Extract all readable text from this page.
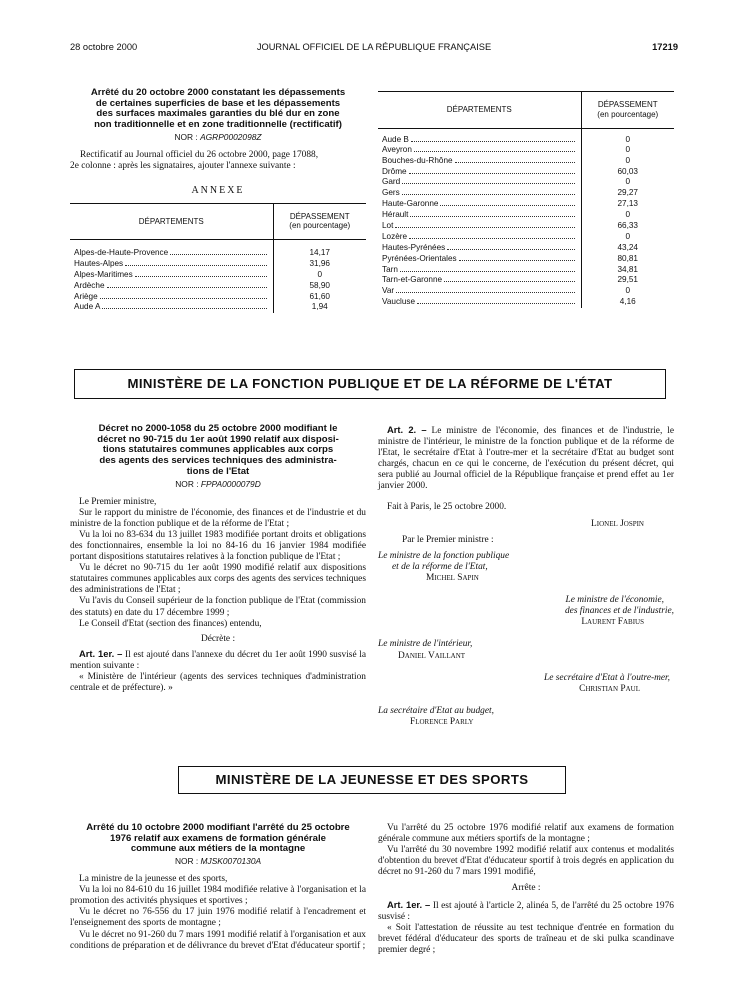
28 octobre 2000	JOURNAL OFFICIEL DE LA RÉPUBLIQUE FRANÇAISE	17219
Arrêté du 20 octobre 2000 constatant les dépassements
de certaines superficies de base et les dépassements
des surfaces maximales garanties du blé dur en zone
non traditionnelle et en zone traditionnelle (rectificatif)
NOR : AGRP0002098Z
Rectificatif au Journal officiel du 26 octobre 2000, page 17088,
2e colonne : après les signataires, ajouter l'annexe suivante :
ANNEXE
DÉPARTEMENTS	DÉPASSEMENT
(en pourcentage)

Alpes-de-Haute-Provence	14,17

Hautes-Alpes	31,96

Alpes-Maritimes	0

Ardèche	58,90

Ariège	61,60

Aude A	1,94
DÉPARTEMENTS	DÉPASSEMENT
(en pourcentage)

Aude B	0

Aveyron	0

Bouches-du-Rhône	0

Drôme	60,03

Gard	0

Gers	29,27

Haute-Garonne	27,13

Hérault	0

Lot	66,33

Lozère	0

Hautes-Pyrénées	43,24

Pyrénées-Orientales	80,81

Tarn	34,81

Tarn-et-Garonne	29,51

Var	0

Vaucluse	4,16
MINISTÈRE DE LA FONCTION PUBLIQUE ET DE LA RÉFORME DE L'ÉTAT
Décret no 2000-1058 du 25 octobre 2000 modifiant le
décret no 90-715 du 1er août 1990 relatif aux disposi-
tions statutaires communes applicables aux corps
des agents des services techniques des administra-
tions de l'Etat
NOR : FPPA0000079D
Le Premier ministre,
Sur le rapport du ministre de l'économie, des finances et de l'industrie et du ministre de la fonction publique et de la réforme de l'Etat ;
Vu la loi no 83-634 du 13 juillet 1983 modifiée portant droits et obligations des fonctionnaires, ensemble la loi no 84-16 du 16 janvier 1984 modifiée portant dispositions statutaires relatives à la fonction publique de l'Etat ;
Vu le décret no 90-715 du 1er août 1990 modifié relatif aux dispositions statutaires communes applicables aux corps des agents des services techniques des administrations de l'Etat ;
Vu l'avis du Conseil supérieur de la fonction publique de l'Etat (commission des statuts) en date du 17 décembre 1999 ;
Le Conseil d'Etat (section des finances) entendu,
Décrète :
Art. 1er. – Il est ajouté dans l'annexe du décret du 1er août 1990 susvisé la mention suivante :
« Ministère de l'intérieur (agents des services techniques d'administration centrale et de préfecture). »
Art. 2. – Le ministre de l'économie, des finances et de l'industrie, le ministre de l'intérieur, le ministre de la fonction publique et de la réforme de l'Etat, le secrétaire d'Etat à l'outre-mer et la secrétaire d'Etat au budget sont chargés, chacun en ce qui le concerne, de l'exécution du présent décret, qui sera publié au Journal officiel de la République française et prend effet au 1er janvier 2000.
Fait à Paris, le 25 octobre 2000.
Lionel Jospin
Par le Premier ministre :
Le ministre de la fonction publique
et de la réforme de l'Etat,
Michel Sapin
Le ministre de l'économie,
des finances et de l'industrie,
Laurent Fabius
Le ministre de l'intérieur,
Daniel Vaillant
Le secrétaire d'Etat à l'outre-mer,
Christian Paul
La secrétaire d'Etat au budget,
Florence Parly
MINISTÈRE DE LA JEUNESSE ET DES SPORTS
Arrêté du 10 octobre 2000 modifiant l'arrêté du 25 octobre
1976 relatif aux examens de formation générale
commune aux métiers de la montagne
NOR : MJSK0070130A
La ministre de la jeunesse et des sports,
Vu la loi no 84-610 du 16 juillet 1984 modifiée relative à l'organisation et la promotion des activités physiques et sportives ;
Vu le décret no 76-556 du 17 juin 1976 modifié relatif à l'encadrement et l'enseignement des sports de montagne ;
Vu le décret no 91-260 du 7 mars 1991 modifié relatif à l'organisation et aux conditions de préparation et de délivrance du brevet d'Etat d'éducateur sportif ;
Vu l'arrêté du 25 octobre 1976 modifié relatif aux examens de formation générale commune aux métiers sportifs de la montagne ;
Vu l'arrêté du 30 novembre 1992 modifié relatif aux contenus et modalités d'obtention du brevet d'Etat d'éducateur sportif à trois degrés en application du décret no 91-260 du 7 mars 1991 modifié,
Arrête :
Art. 1er. – Il est ajouté à l'article 2, alinéa 5, de l'arrêté du 25 octobre 1976 susvisé :
« Soit l'attestation de réussite au test technique d'entrée en formation du brevet fédéral d'éducateur des sports de traîneau et de ski pulka scandinave premier degré ;
